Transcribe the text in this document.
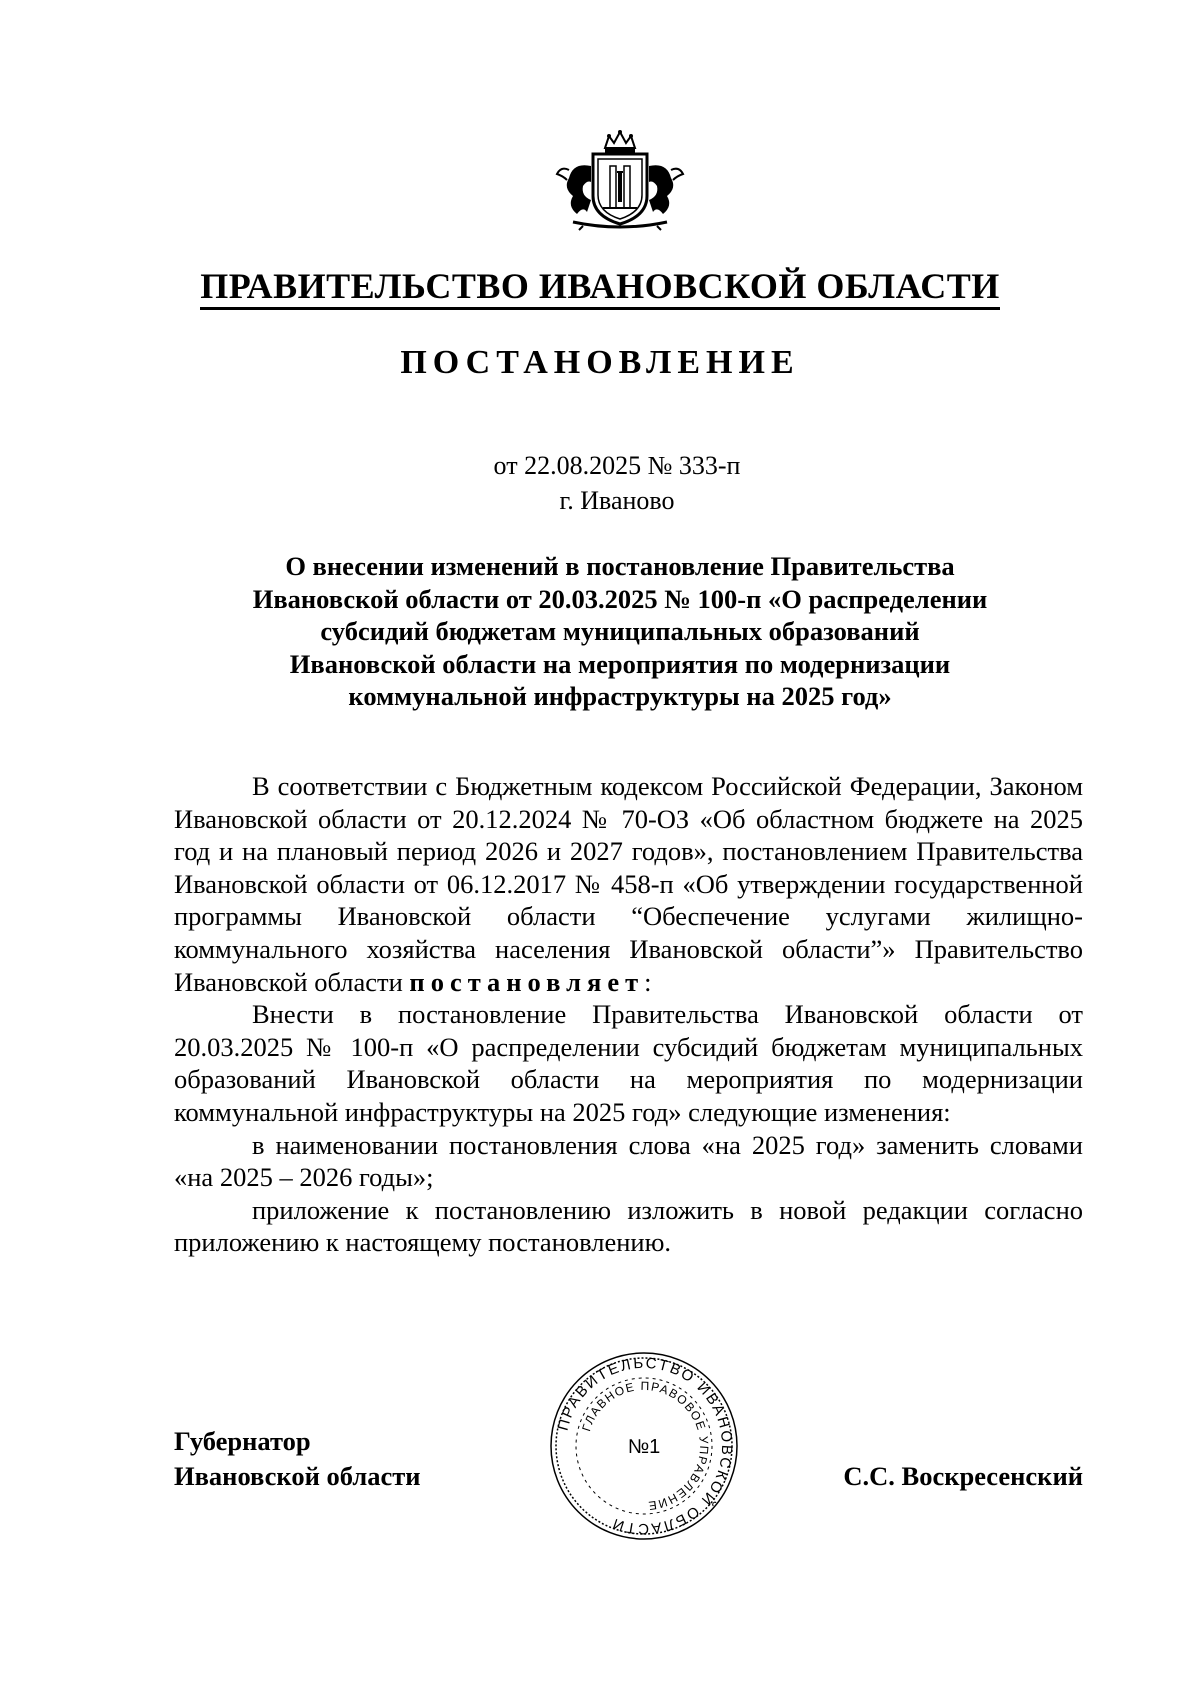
ПРАВИТЕЛЬСТВО ИВАНОВСКОЙ ОБЛАСТИ
ПОСТАНОВЛЕНИЕ
от 22.08.2025 № 333-п
г. Иваново
О внесении изменений в постановление Правительства
Ивановской области от 20.03.2025 № 100-п «О распределении
субсидий бюджетам муниципальных образований
Ивановской области на мероприятия по модернизации
коммунальной инфраструктуры на 2025 год»

В соответствии с Бюджетным кодексом Российской Федерации, Законом Ивановской области от 20.12.2024 № 70-ОЗ «Об областном бюджете на 2025 год и на плановый период 2026 и 2027 годов», постановлением Правительства Ивановской области от 06.12.2017 № 458-п «Об утверждении государственной программы Ивановской области “Обеспечение услугами жилищно-коммунального хозяйства населения Ивановской области”» Правительство Ивановской области постановляет:

Внести в постановление Правительства Ивановской области от 20.03.2025 № 100-п «О распределении субсидий бюджетам муниципальных образований Ивановской области на мероприятия по модернизации коммунальной инфраструктуры на 2025 год» следующие изменения:

в наименовании постановления слова «на 2025 год» заменить словами «на 2025 – 2026 годы»;

приложение к постановлению изложить в новой редакции согласно приложению к настоящему постановлению.

Губернатор
Ивановской области	С.С. Воскресенский
ПРАВИТЕЛЬСТВО ИВАНОВСКОЙ ОБЛАСТИ
ГЛАВНОЕ ПРАВОВОЕ УПРАВЛЕНИЕ
№1
